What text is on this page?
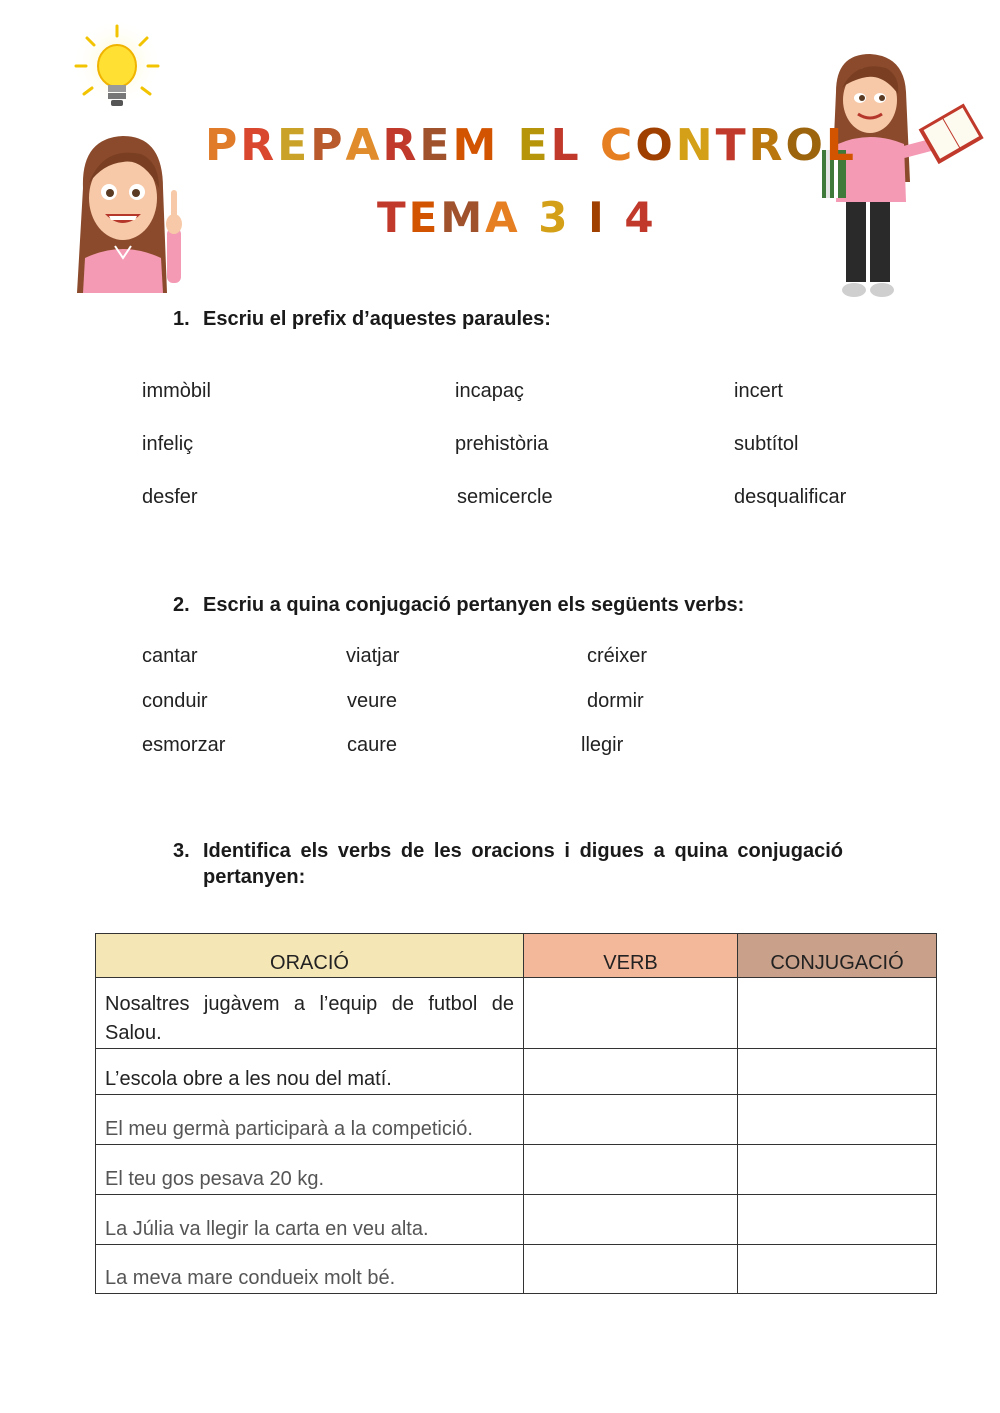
PREPAREM EL CONTROL
TEMA 3 I 4
1. Escriu el prefix d’aquestes paraules:
immòbil	incapaç	incert
infeliç	prehistòria	subtítol
desfer	semicercle	desqualificar
2. Escriu a quina conjugació pertanyen els següents verbs:
cantar	viatjar	créixer
conduir	veure	dormir
esmorzar	caure	llegir
3. Identifica els verbs de les oracions i digues a quina conjugació pertanyen:
ORACIÓ	VERB	CONJUGACIÓ
Nosaltres jugàvem a l’equip de futbol de Salou.		
L’escola obre a les nou del matí.		
El meu germà participarà a la competició.		
El teu gos pesava 20 kg.		
La Júlia va llegir la carta en veu alta.		
La meva mare condueix molt bé.		
